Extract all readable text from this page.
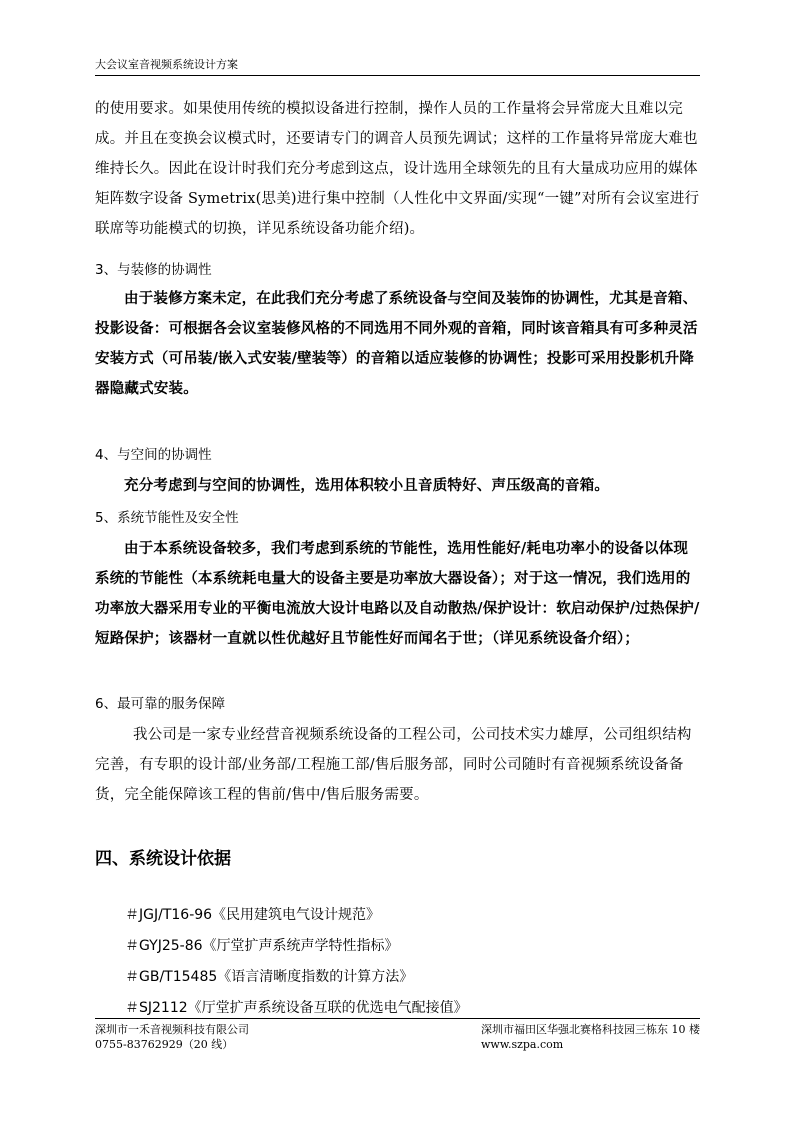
大会议室音视频系统设计方案
的使用要求。如果使用传统的模拟设备进行控制，操作人员的工作量将会异常庞大且难以完成。并且在变换会议模式时，还要请专门的调音人员预先调试；这样的工作量将异常庞大难也维持长久。因此在设计时我们充分考虑到这点，设计选用全球领先的且有大量成功应用的媒体矩阵数字设备 Symetrix(思美)进行集中控制（人性化中文界面/实现“一键”对所有会议室进行联席等功能模式的切换，详见系统设备功能介绍)。
3、与装修的协调性
由于装修方案未定，在此我们充分考虑了系统设备与空间及装饰的协调性，尤其是音箱、投影设备：可根据各会议室装修风格的不同选用不同外观的音箱，同时该音箱具有可多种灵活安装方式（可吊装/嵌入式安装/壁装等）的音箱以适应装修的协调性；投影可采用投影机升降器隐藏式安装。
4、与空间的协调性
充分考虑到与空间的协调性，选用体积较小且音质特好、声压级高的音箱。
5、系统节能性及安全性
由于本系统设备较多，我们考虑到系统的节能性，选用性能好/耗电功率小的设备以体现系统的节能性（本系统耗电量大的设备主要是功率放大器设备）；对于这一情况，我们选用的功率放大器采用专业的平衡电流放大设计电路以及自动散热/保护设计：软启动保护/过热保护/短路保护；该器材一直就以性优越好且节能性好而闻名于世；（详见系统设备介绍）；
6、最可靠的服务保障
我公司是一家专业经营音视频系统设备的工程公司，公司技术实力雄厚，公司组织结构完善，有专职的设计部/业务部/工程施工部/售后服务部，同时公司随时有音视频系统设备备货，完全能保障该工程的售前/售中/售后服务需要。
四、系统设计依据
＃JGJ/T16-96《民用建筑电气设计规范》
＃GYJ25-86《厅堂扩声系统声学特性指标》
＃GB/T15485《语言清晰度指数的计算方法》
＃SJ2112《厅堂扩声系统设备互联的优选电气配接值》
深圳市一禾音视频科技有限公司
0755-83762929（20 线）
深圳市福田区华强北赛格科技园三栋东 10 楼
www.szpa.com
